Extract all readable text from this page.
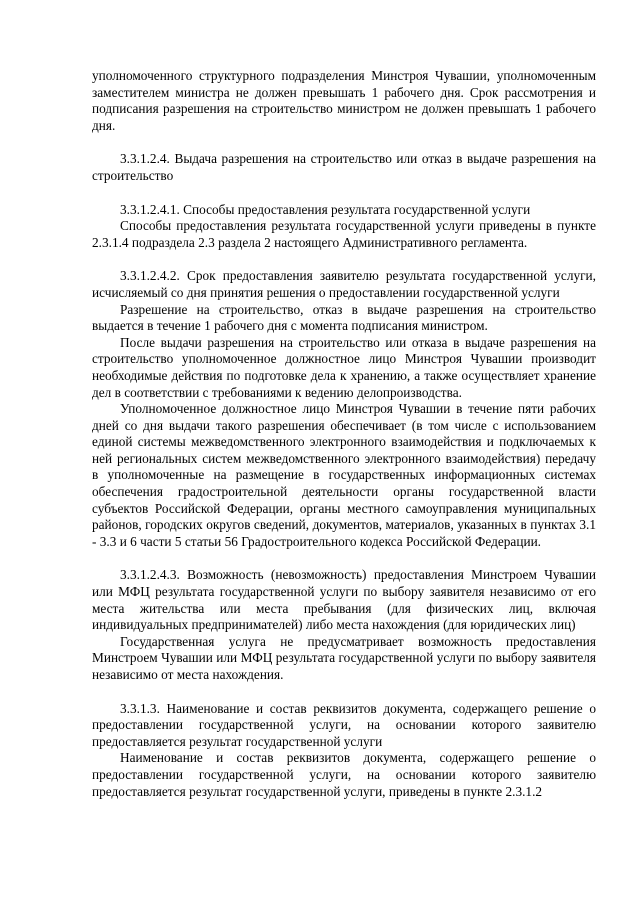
уполномоченного структурного подразделения Минстроя Чувашии, уполномоченным заместителем министра не должен превышать 1 рабочего дня. Срок рассмотрения и подписания разрешения на строительство министром не должен превышать 1 рабочего дня.

3.3.1.2.4. Выдача разрешения на строительство или отказ в выдаче разрешения на строительство

3.3.1.2.4.1. Способы предоставления результата государственной услуги

Способы предоставления результата государственной услуги приведены в пункте 2.3.1.4 подраздела 2.3 раздела 2 настоящего Административного регламента.

3.3.1.2.4.2. Срок предоставления заявителю результата государственной услуги, исчисляемый со дня принятия решения о предоставлении государственной услуги

Разрешение на строительство, отказ в выдаче разрешения на строительство выдается в течение 1 рабочего дня с момента подписания министром.

После выдачи разрешения на строительство или отказа в выдаче разрешения на строительство уполномоченное должностное лицо Минстроя Чувашии производит необходимые действия по подготовке дела к хранению, а также осуществляет хранение дел в соответствии с требованиями к ведению делопроизводства.

Уполномоченное должностное лицо Минстроя Чувашии в течение пяти рабочих дней со дня выдачи такого разрешения обеспечивает (в том числе с использованием единой системы межведомственного электронного взаимодействия и подключаемых к ней региональных систем межведомственного электронного взаимодействия) передачу в уполномоченные на размещение в государственных информационных системах обеспечения градостроительной деятельности органы государственной власти субъектов Российской Федерации, органы местного самоуправления муниципальных районов, городских округов сведений, документов, материалов, указанных в пунктах 3.1 - 3.3 и 6 части 5 статьи 56 Градостроительного кодекса Российской Федерации.

3.3.1.2.4.3. Возможность (невозможность) предоставления Минстроем Чувашии или МФЦ результата государственной услуги по выбору заявителя независимо от его места жительства или места пребывания (для физических лиц, включая индивидуальных предпринимателей) либо места нахождения (для юридических лиц)

Государственная услуга не предусматривает возможность предоставления Минстроем Чувашии или МФЦ результата государственной услуги по выбору заявителя независимо от места нахождения.

3.3.1.3. Наименование и состав реквизитов документа, содержащего решение о предоставлении государственной услуги, на основании которого заявителю предоставляется результат государственной услуги

Наименование и состав реквизитов документа, содержащего решение о предоставлении государственной услуги, на основании которого заявителю предоставляется результат государственной услуги, приведены в пункте 2.3.1.2
